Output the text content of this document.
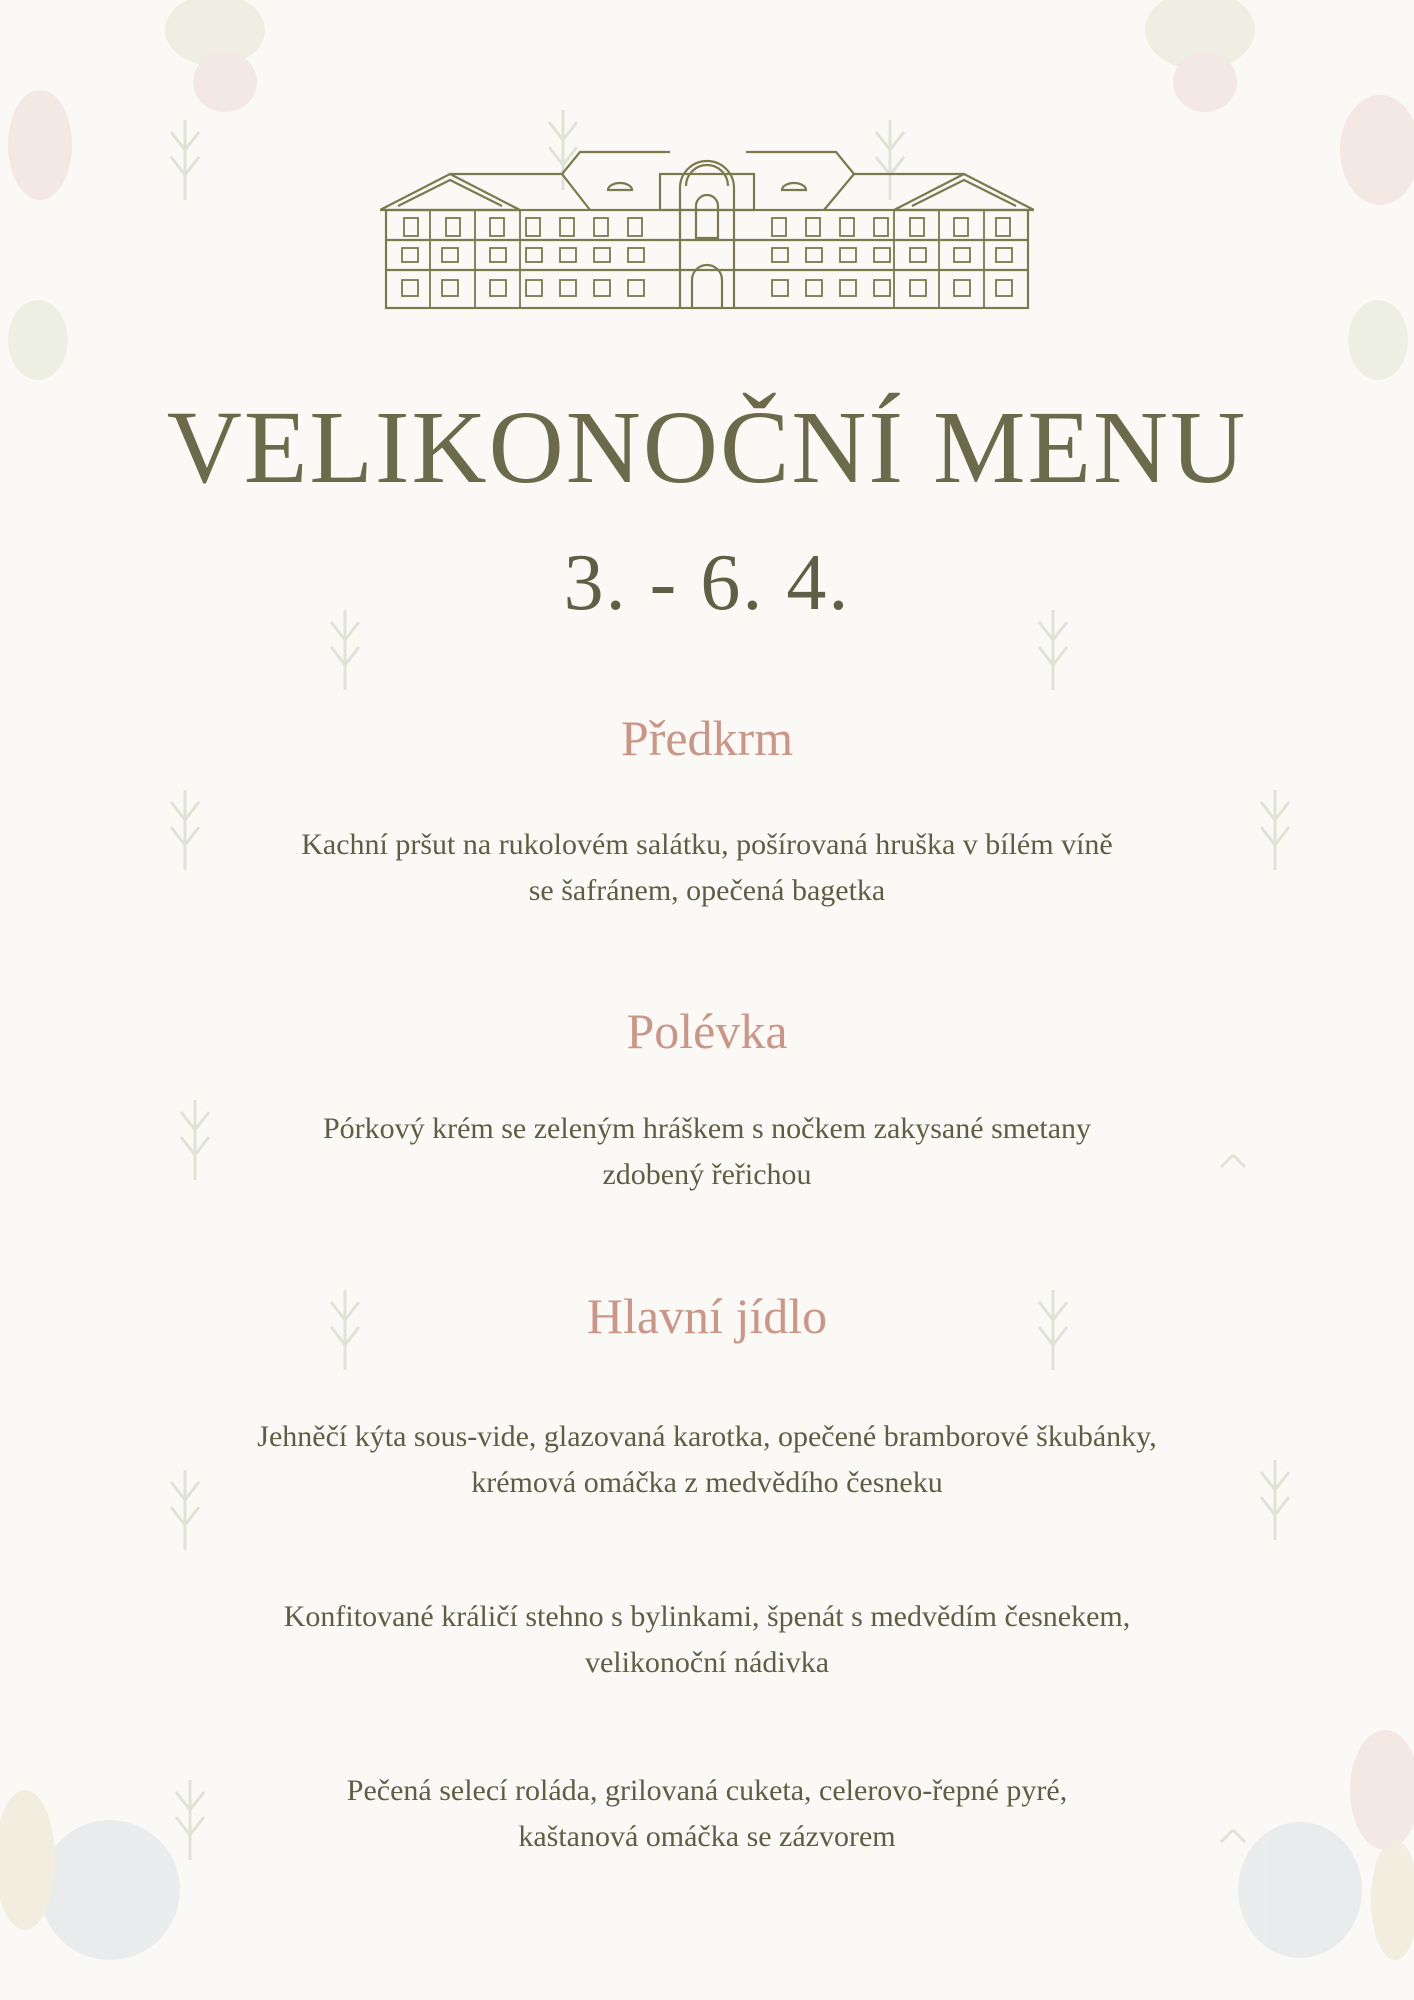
VELIKONOČNÍ MENU
3. - 6. 4.
Předkrm
Kachní pršut na rukolovém salátku, pošírovaná hruška v bílém víně
se šafránem, opečená bagetka
Polévka
Pórkový krém se zeleným hráškem s nočkem zakysané smetany
zdobený řeřichou
Hlavní jídlo
Jehněčí kýta sous-vide, glazovaná karotka, opečené bramborové škubánky,
krémová omáčka z medvědího česneku
Konfitované králičí stehno s bylinkami, špenát s medvědím česnekem,
velikonoční nádivka
Pečená selecí roláda, grilovaná cuketa, celerovo-řepné pyré,
kaštanová omáčka se zázvorem
